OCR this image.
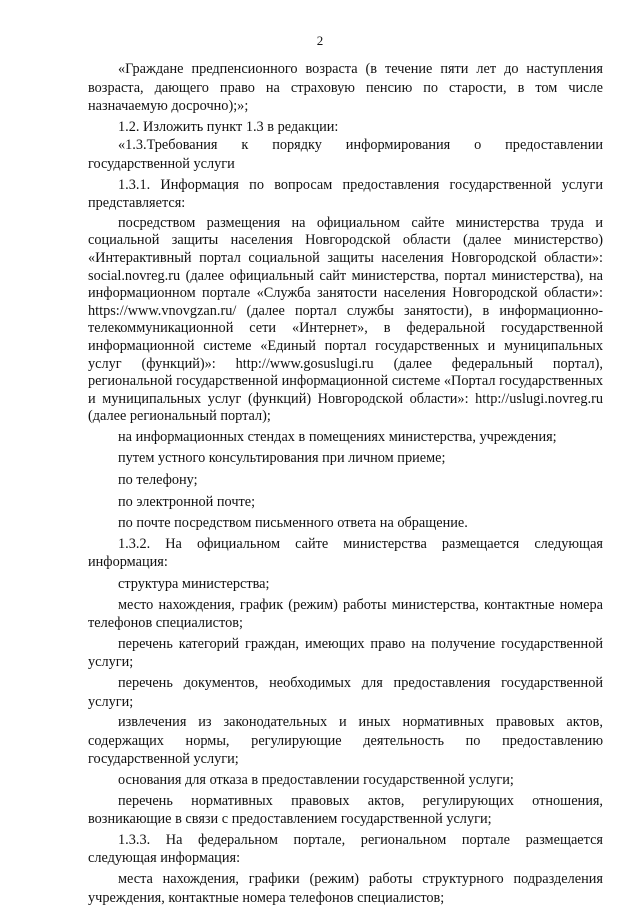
2

«Граждане предпенсионного возраста (в течение пяти лет до наступления возраста, дающего право на страховую пенсию по старости, в том числе назначаемую досрочно);»;

1.2. Изложить пункт 1.3 в редакции:

«1.3.Требования к порядку информирования о предоставлении государственной услуги

1.3.1. Информация по вопросам предоставления государственной услуги представляется:

посредством размещения на официальном сайте министерства труда и социальной защиты населения Новгородской области (далее министерство) «Интерактивный портал социальной защиты населения Новгородской области»: social.novreg.ru (далее официальный сайт министерства, портал министерства), на информационном портале «Служба занятости населения Новгородской области»: https://www.vnovgzan.ru/ (далее портал службы занятости), в информационно-телекоммуникационной сети «Интернет», в федеральной государственной информационной системе «Единый портал государственных и муниципальных услуг (функций)»: http://www.gosuslugi.ru (далее федеральный портал), региональной государственной информационной системе «Портал государственных и муниципальных услуг (функций) Новгородской области»: http://uslugi.novreg.ru (далее региональный портал);

на информационных стендах в помещениях министерства, учреждения;

путем устного консультирования при личном приеме;

по телефону;

по электронной почте;

по почте посредством письменного ответа на обращение.

1.3.2. На официальном сайте министерства размещается следующая информация:

структура министерства;

место нахождения, график (режим) работы министерства, контактные номера телефонов специалистов;

перечень категорий граждан, имеющих право на получение государственной услуги;

перечень документов, необходимых для предоставления государственной услуги;

извлечения из законодательных и иных нормативных правовых актов, содержащих нормы, регулирующие деятельность по предоставлению государственной услуги;

основания для отказа в предоставлении государственной услуги;

перечень нормативных правовых актов, регулирующих отношения, возникающие в связи с предоставлением государственной услуги;

1.3.3. На федеральном портале, региональном портале размещается следующая информация:

места нахождения, графики (режим) работы структурного подразделения учреждения, контактные номера телефонов специалистов;
